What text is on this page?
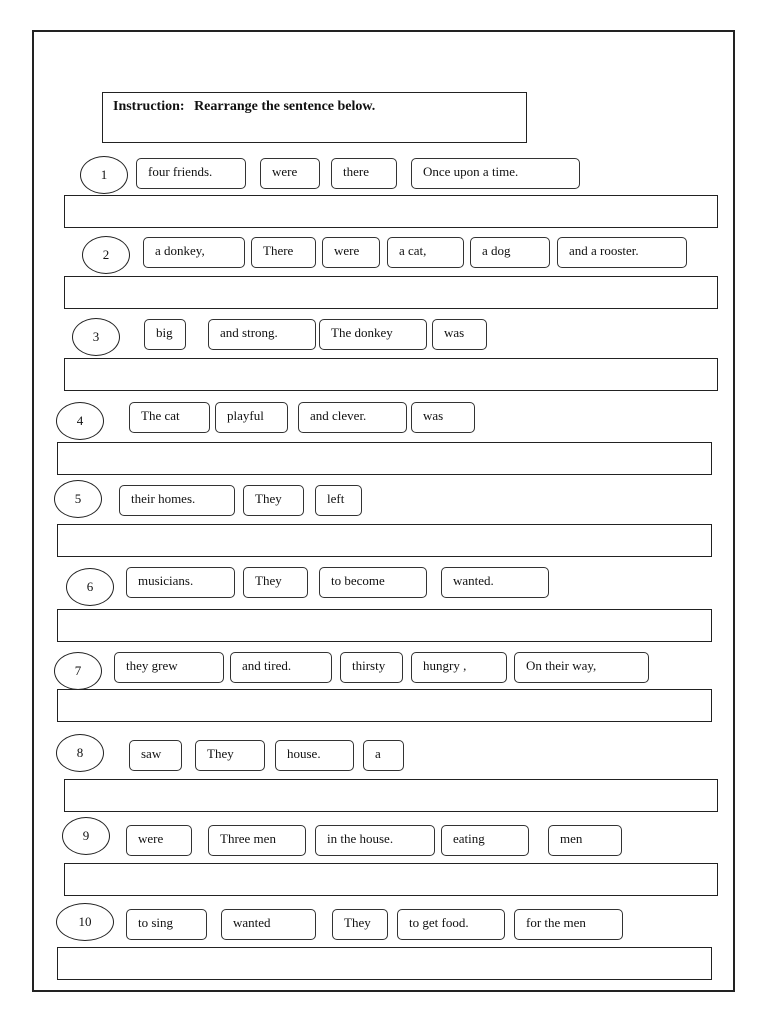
Instruction: Rearrange the sentence below.
1	four friends.	were	there	Once upon a time.
2	a donkey,	There	were	a cat,	a dog	and a rooster.
3	big	and strong.	The donkey	was
4	The cat	playful	and clever.	was
5	their homes.	They	left
6	musicians.	They	to become	wanted.
7	they grew	and tired.	thirsty	hungry ,	On their way,
8	saw	They	house.	a
9	were	Three men	in the house.	eating	men
10	to sing	wanted	They	to get food.	for the men
